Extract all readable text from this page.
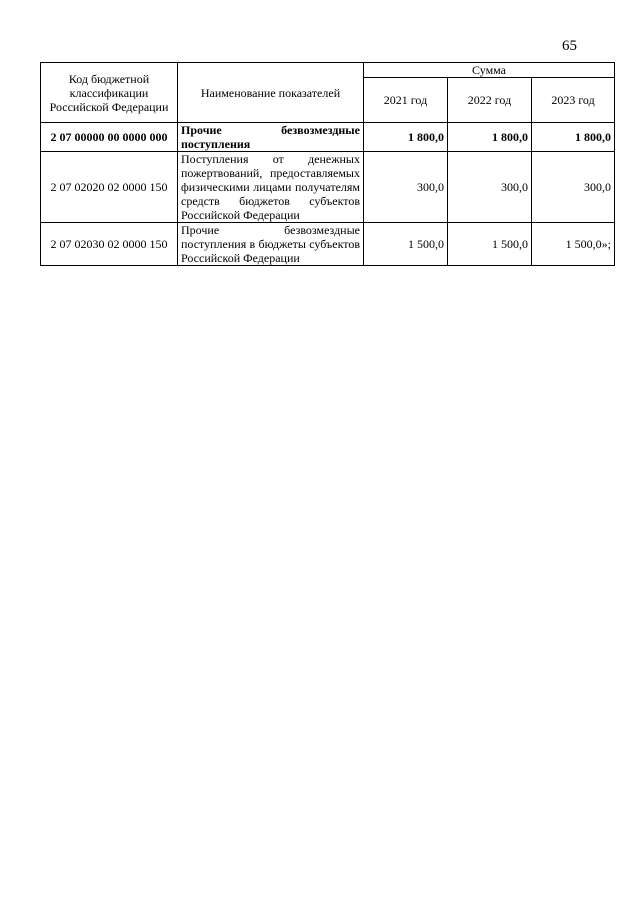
65
Код бюджетной классификации Российской Федерации	Наименование показателей	Сумма		
		2021 год	2022 год	2023 год
2 07 00000 00 0000 000	Прочие безвозмездные поступления	1 800,0	1 800,0	1 800,0
2 07 02020 02 0000 150	Поступления от денежных пожертвований, предоставляемых физическими лицами получателям средств бюджетов субъектов Российской Федерации	300,0	300,0	300,0
2 07 02030 02 0000 150	Прочие безвозмездные поступления в бюджеты субъектов Российской Федерации	1 500,0	1 500,0	1 500,0»;
